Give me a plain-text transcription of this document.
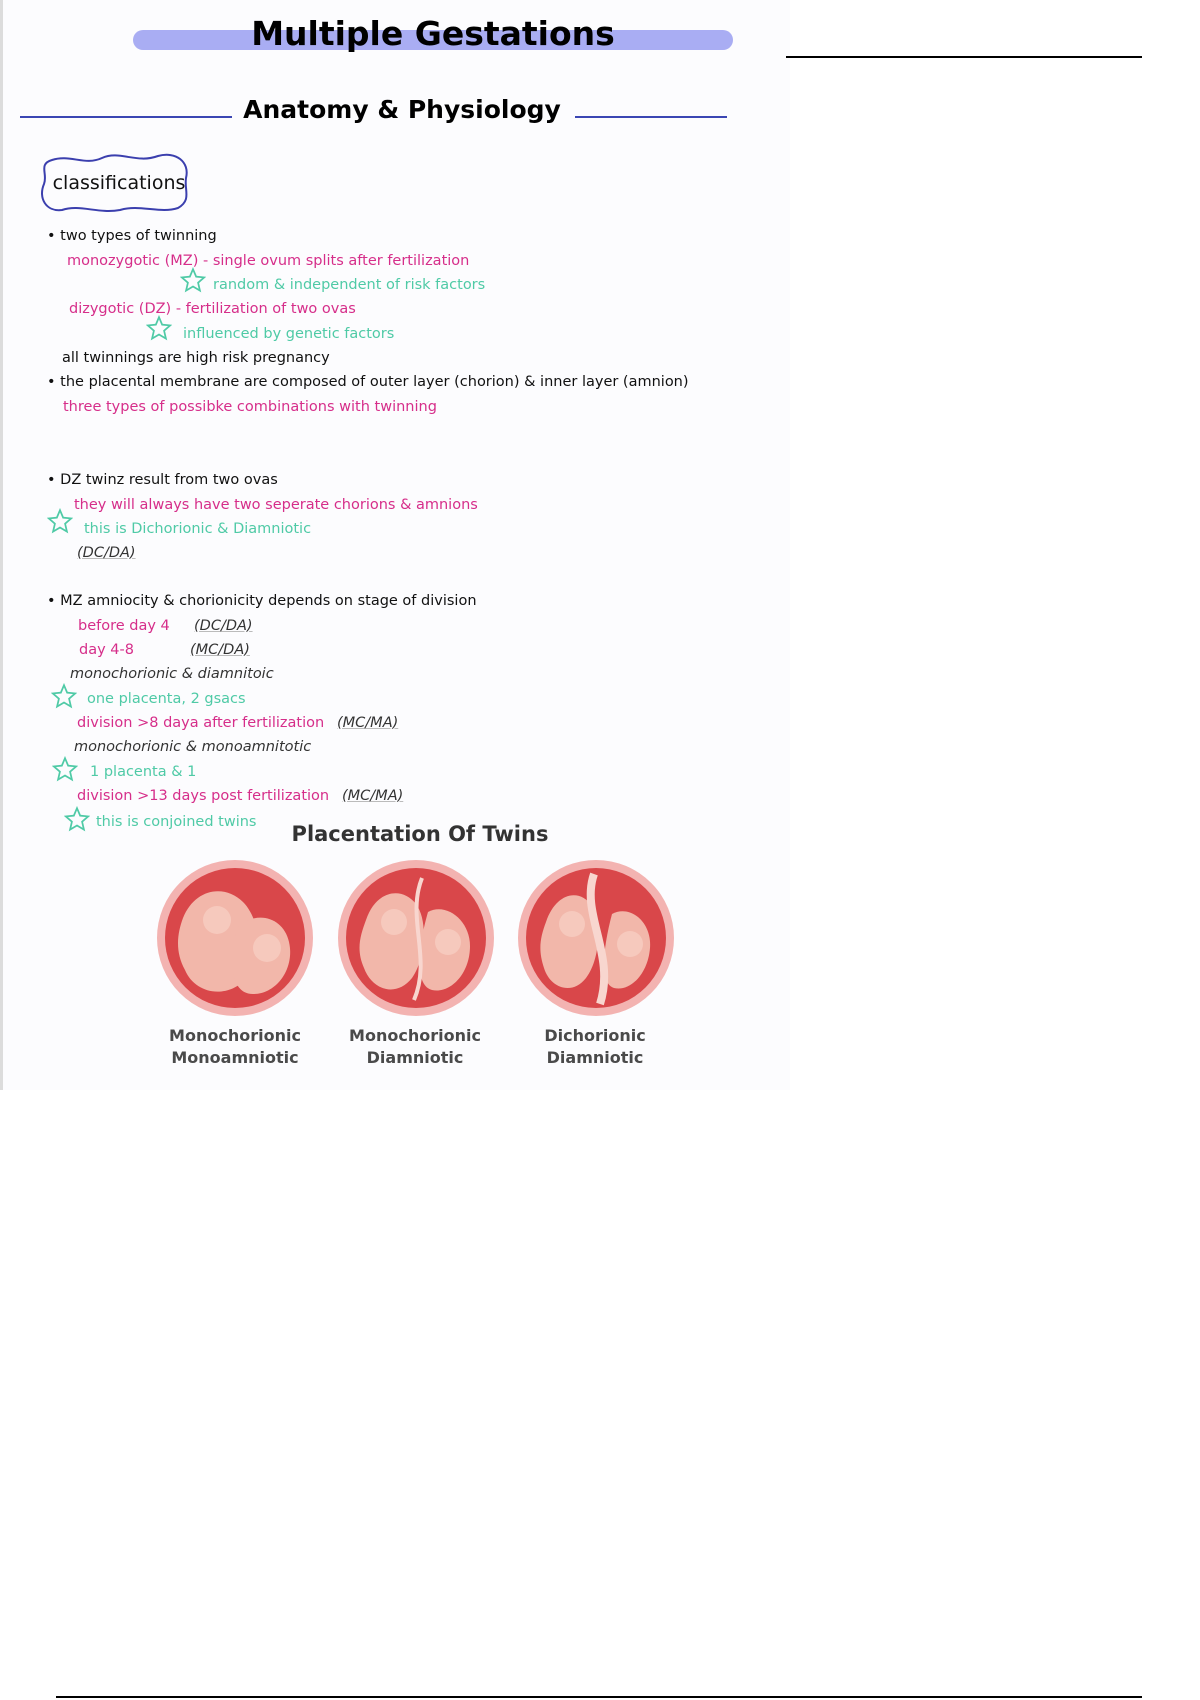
Multiple Gestations
Anatomy & Physiology
classifications
• two types of twinning
monozygotic (MZ) - single ovum splits after fertilization
random & independent of risk factors
dizygotic (DZ) - fertilization of two ovas
influenced by genetic factors
all twinnings are high risk pregnancy
• the placental membrane are composed of outer layer (chorion) & inner layer (amnion)
three types of possibke combinations with twinning
• DZ twinz result from two ovas
they will always have two seperate chorions & amnions
this is Dichorionic & Diamniotic
(DC/DA)
• MZ amniocity & chorionicity depends on stage of division
before day 4 (DC/DA)
day 4-8	(MC/DA)
monochorionic & diamnitoic
one placenta, 2 gsacs
division >8 daya after fertilization (MC/MA)
monochorionic & monoamnitotic
1 placenta & 1
division >13 days post fertilization (MC/MA)
this is conjoined twins	Placentation Of Twins
Monochorionic
Monoamniotic
Monochorionic
Diamniotic
Dichorionic
Diamniotic
